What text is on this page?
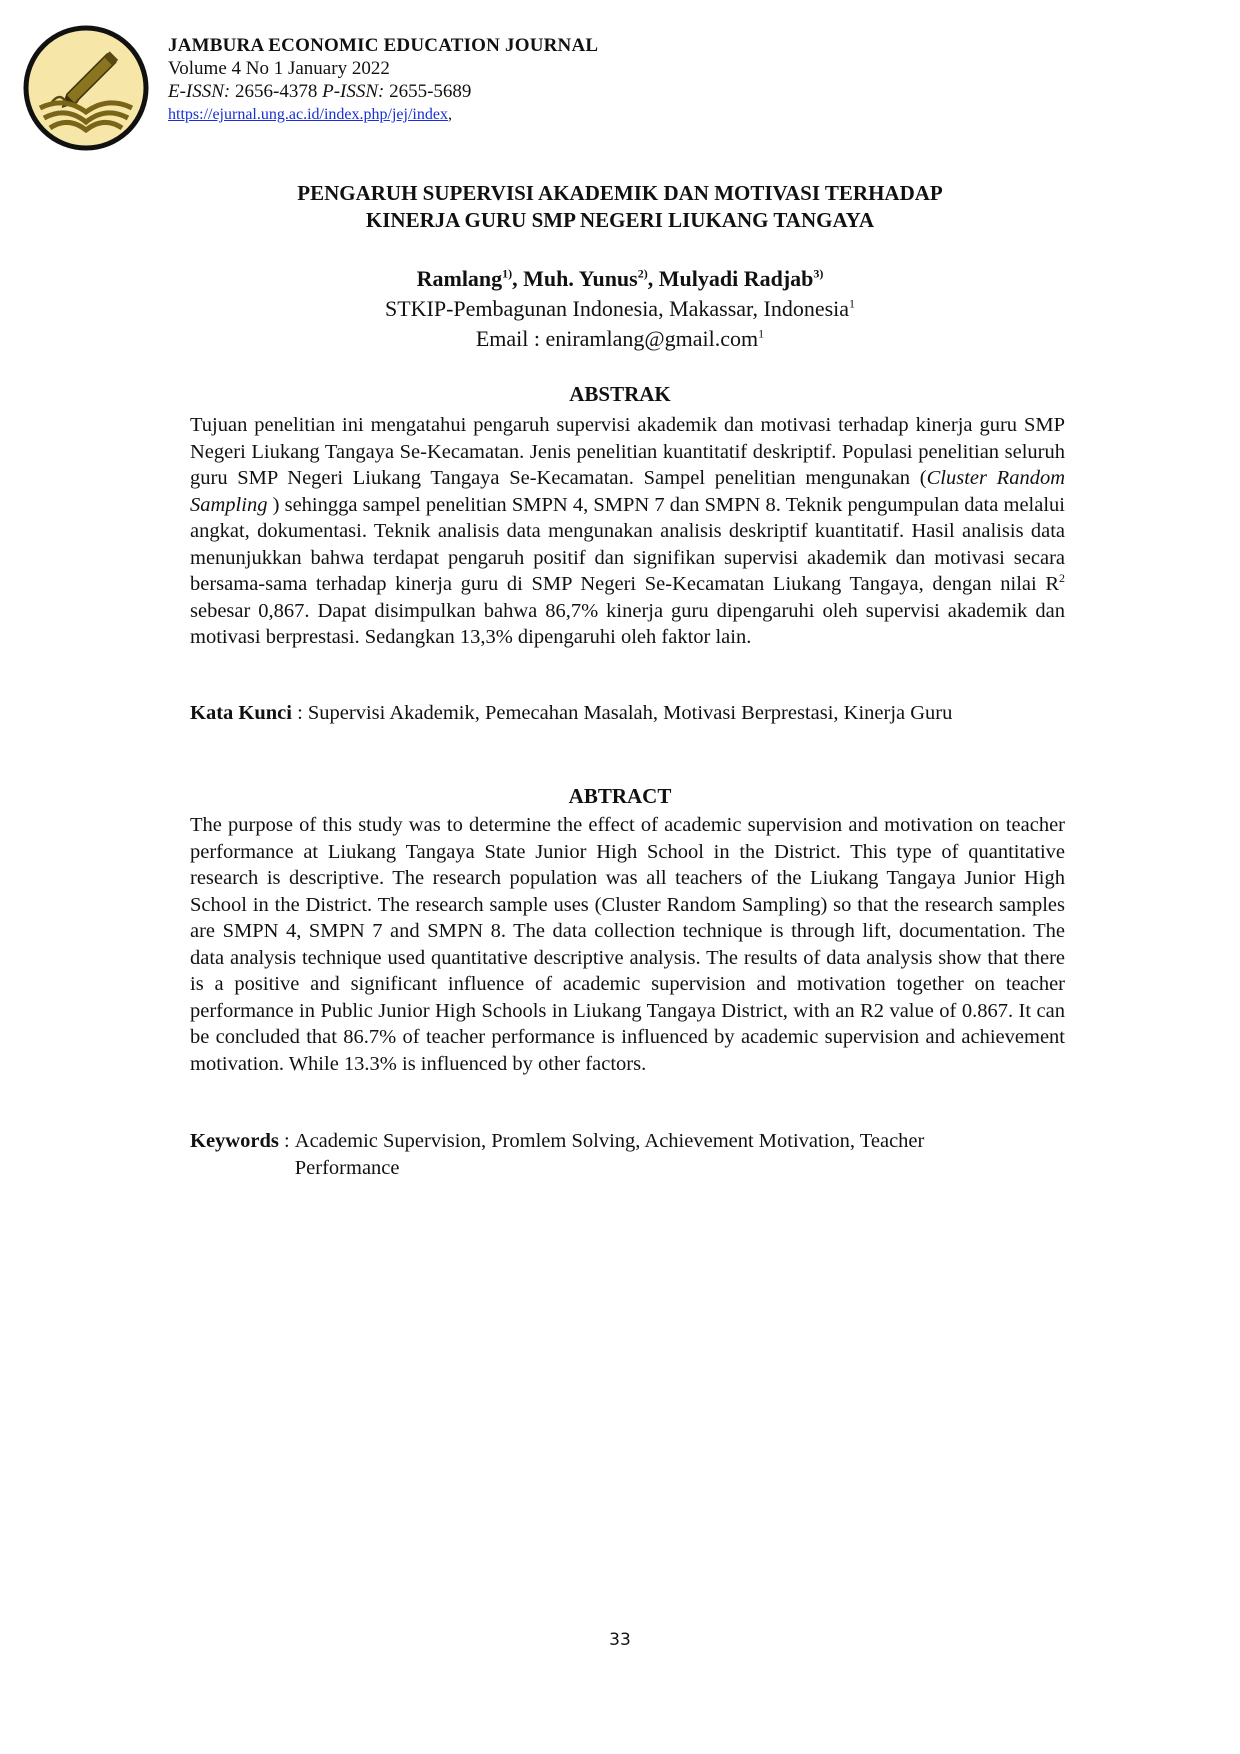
JAMBURA ECONOMIC EDUCATION JOURNAL
Volume 4 No 1 January 2022
E-ISSN: 2656-4378 P-ISSN: 2655-5689
https://ejurnal.ung.ac.id/index.php/jej/index,
PENGARUH SUPERVISI AKADEMIK DAN MOTIVASI TERHADAP
KINERJA GURU SMP NEGERI LIUKANG TANGAYA
Ramlang$^{1)}$, Muh. Yunus$^{2)}$, Mulyadi Radjab$^{3)}$
STKIP-Pembagunan Indonesia, Makassar, Indonesia$^1$
Email : eniramlang@gmail.com$^1$
ABSTRAK
Tujuan penelitian ini mengatahui pengaruh supervisi akademik dan motivasi terhadap kinerja guru SMP Negeri Liukang Tangaya Se-Kecamatan. Jenis penelitian kuantitatif deskriptif. Populasi penelitian seluruh guru SMP Negeri Liukang Tangaya Se-Kecamatan. Sampel penelitian mengunakan (Cluster Random Sampling ) sehingga sampel penelitian SMPN 4, SMPN 7 dan SMPN 8. Teknik pengumpulan data melalui angkat, dokumentasi. Teknik analisis data mengunakan analisis deskriptif kuantitatif. Hasil analisis data menunjukkan bahwa terdapat pengaruh positif dan signifikan supervisi akademik dan motivasi secara bersama-sama terhadap kinerja guru di SMP Negeri Se-Kecamatan Liukang Tangaya, dengan nilai $R^2$ sebesar 0,867. Dapat disimpulkan bahwa 86,7% kinerja guru dipengaruhi oleh supervisi akademik dan motivasi berprestasi. Sedangkan 13,3% dipengaruhi oleh faktor lain.
Kata Kunci : Supervisi Akademik, Pemecahan Masalah, Motivasi Berprestasi, Kinerja Guru
ABTRACT
The purpose of this study was to determine the effect of academic supervision and motivation on teacher performance at Liukang Tangaya State Junior High School in the District. This type of quantitative research is descriptive. The research population was all teachers of the Liukang Tangaya Junior High School in the District. The research sample uses (Cluster Random Sampling) so that the research samples are SMPN 4, SMPN 7 and SMPN 8. The data collection technique is through lift, documentation. The data analysis technique used quantitative descriptive analysis. The results of data analysis show that there is a positive and significant influence of academic supervision and motivation together on teacher performance in Public Junior High Schools in Liukang Tangaya District, with an R2 value of 0.867. It can be concluded that 86.7% of teacher performance is influenced by academic supervision and achievement motivation. While 13.3% is influenced by other factors.
Keywords : Academic Supervision, Promlem Solving, Achievement Motivation, Teacher Performance
33
